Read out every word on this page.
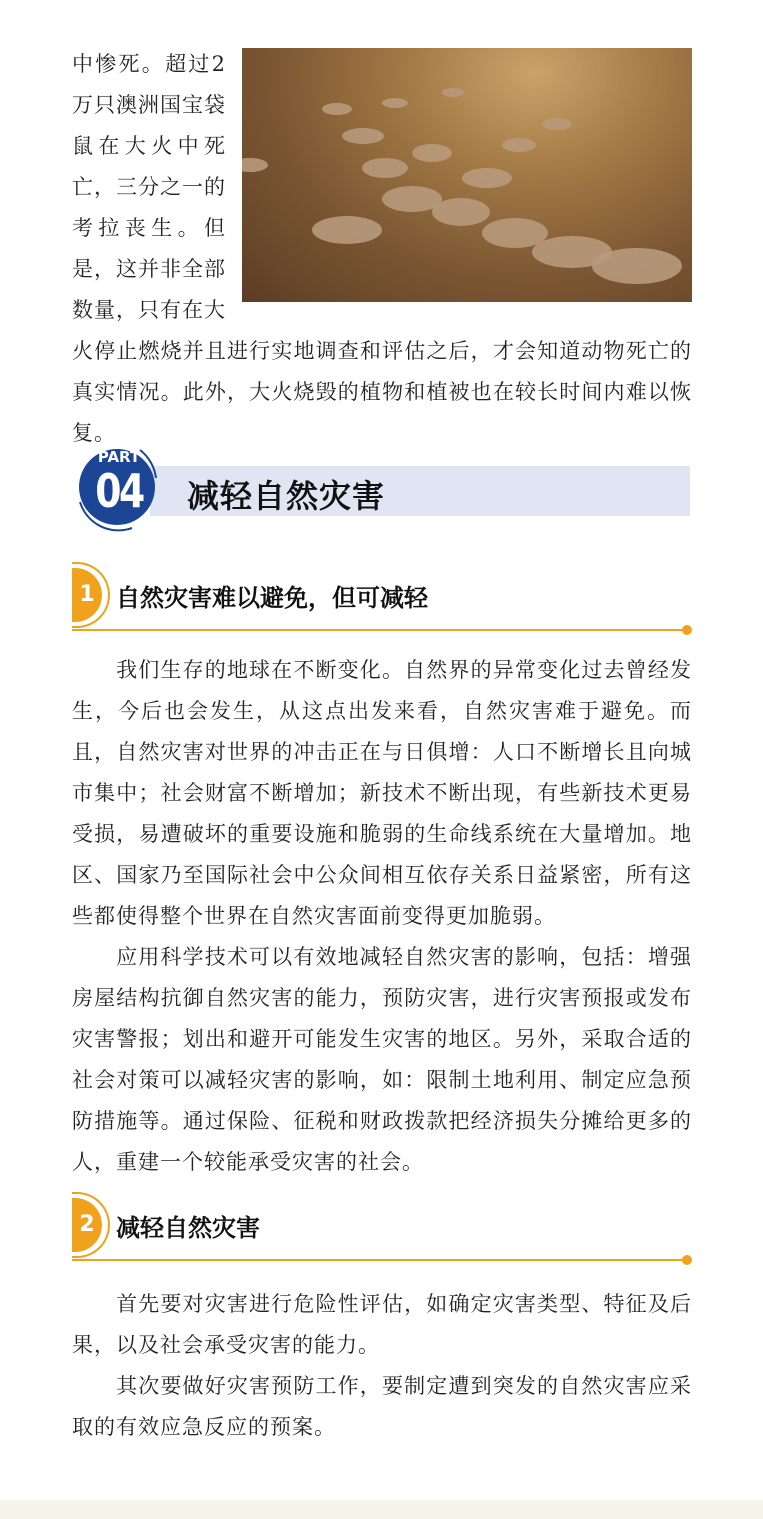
中惨死。超过2万只澳洲国宝袋鼠在大火中死亡，三分之一的考拉丧生。但是，这并非全部数量，只有在大火停止燃烧并且进行实地调查和评估之后，才会知道动物死亡的真实情况。此外，大火烧毁的植物和植被也在较长时间内难以恢复。

PART
04 减轻自然灾害
1 自然灾害难以避免，但可减轻

我们生存的地球在不断变化。自然界的异常变化过去曾经发生，今后也会发生，从这点出发来看，自然灾害难于避免。而且，自然灾害对世界的冲击正在与日俱增：人口不断增长且向城市集中；社会财富不断增加；新技术不断出现，有些新技术更易受损，易遭破坏的重要设施和脆弱的生命线系统在大量增加。地区、国家乃至国际社会中公众间相互依存关系日益紧密，所有这些都使得整个世界在自然灾害面前变得更加脆弱。

应用科学技术可以有效地减轻自然灾害的影响，包括：增强房屋结构抗御自然灾害的能力，预防灾害，进行灾害预报或发布灾害警报；划出和避开可能发生灾害的地区。另外，采取合适的社会对策可以减轻灾害的影响，如：限制土地利用、制定应急预防措施等。通过保险、征税和财政拨款把经济损失分摊给更多的人，重建一个较能承受灾害的社会。

2 减轻自然灾害

首先要对灾害进行危险性评估，如确定灾害类型、特征及后果，以及社会承受灾害的能力。

其次要做好灾害预防工作，要制定遭到突发的自然灾害应采取的有效应急反应的预案。
